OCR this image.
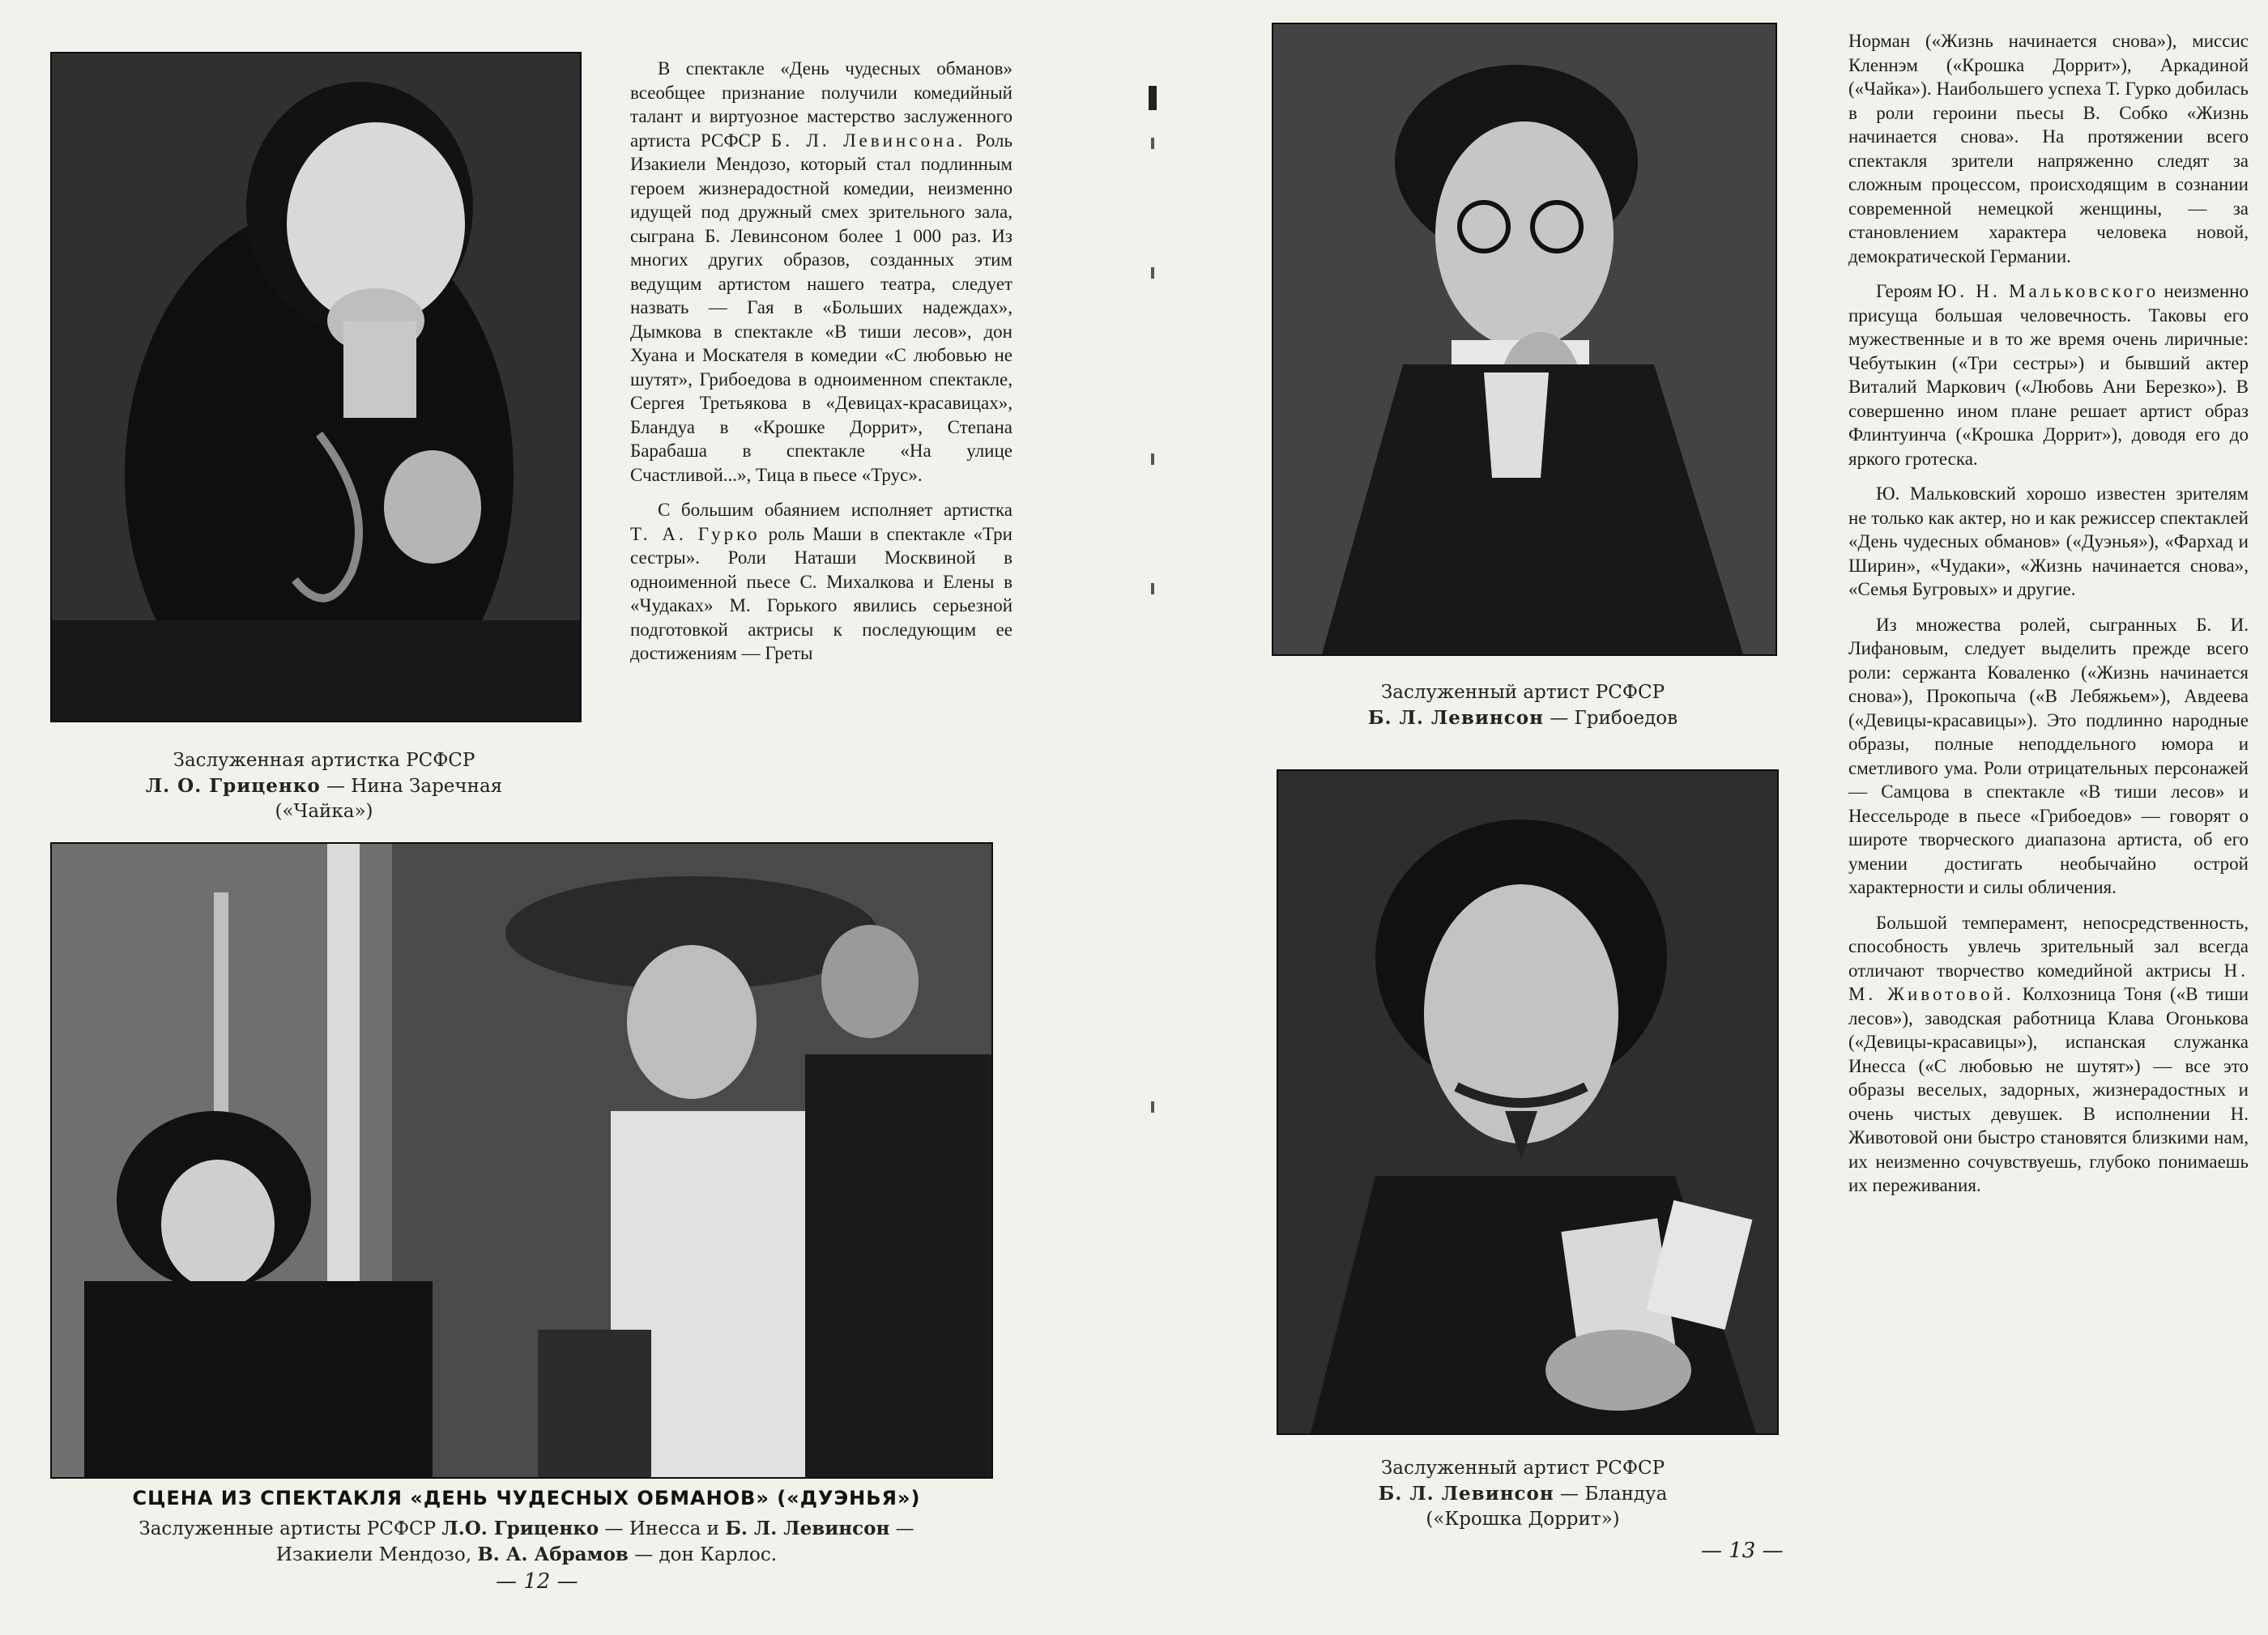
Заслуженная артистка РСФСР
Л. О. Гриценко — Нина Заречная
(«Чайка»)

В спектакле «День чудесных обманов» всеобщее признание получили комедийный талант и виртуозное мастерство заслуженного артиста РСФСР Б. Л. Левинсона. Роль Изакиели Мендозо, который стал подлинным героем жизнерадостной комедии, неизменно идущей под дружный смех зрительного зала, сыграна Б. Левинсоном более 1 000 раз. Из многих других образов, созданных этим ведущим артистом нашего театра, следует назвать — Гая в «Больших надеждах», Дымкова в спектакле «В тиши лесов», дон Хуана и Москателя в комедии «С любовью не шутят», Грибоедова в одноименном спектакле, Сергея Третьякова в «Девицах-красавицах», Бландуа в «Крошке Доррит», Степана Барабаша в спектакле «На улице Счастливой...», Тица в пьесе «Трус».

С большим обаянием исполняет артистка Т. А. Гурко роль Маши в спектакле «Три сестры». Роли Наташи Москвиной в одноименной пьесе С. Михалкова и Елены в «Чудаках» М. Горького явились серьезной подготовкой актрисы к последующим ее достижениям — Греты

СЦЕНА ИЗ СПЕКТАКЛЯ «ДЕНЬ ЧУДЕСНЫХ ОБМАНОВ» («ДУЭНЬЯ»)
Заслуженные артисты РСФСР Л.О. Гриценко — Инесса и Б. Л. Левинсон —
Изакиели Мендозо, В. А. Абрамов — дон Карлос.
— 12 —
Заслуженный артист РСФСР
Б. Л. Левинсон — Грибоедов
Заслуженный артист РСФСР
Б. Л. Левинсон — Бландуа
(«Крошка Доррит»)

Норман («Жизнь начинается снова»), миссис Кленнэм («Крошка Доррит»), Аркадиной («Чайка»). Наибольшего успеха Т. Гурко добилась в роли героини пьесы В. Собко «Жизнь начинается снова». На протяжении всего спектакля зрители напряженно следят за сложным процессом, происходящим в сознании современной немецкой женщины, — за становлением характера человека новой, демократической Германии.

Героям Ю. Н. Мальковского неизменно присуща большая человечность. Таковы его мужественные и в то же время очень лиричные: Чебутыкин («Три сестры») и бывший актер Виталий Маркович («Любовь Ани Березко»). В совершенно ином плане решает артист образ Флинтуинча («Крошка Доррит»), доводя его до яркого гротеска.

Ю. Мальковский хорошо известен зрителям не только как актер, но и как режиссер спектаклей «День чудесных обманов» («Дуэнья»), «Фархад и Ширин», «Чудаки», «Жизнь начинается снова», «Семья Бугровых» и другие.

Из множества ролей, сыгранных Б. И. Лифановым, следует выделить прежде всего роли: сержанта Коваленко («Жизнь начинается снова»), Прокопыча («В Лебяжьем»), Авдеева («Девицы-красавицы»). Это подлинно народные образы, полные неподдельного юмора и сметливого ума. Роли отрицательных персонажей — Самцова в спектакле «В тиши лесов» и Нессельроде в пьесе «Грибоедов» — говорят о широте творческого диапазона артиста, об его умении достигать необычайно острой характерности и силы обличения.

Большой темперамент, непосредственность, способность увлечь зрительный зал всегда отличают творчество комедийной актрисы Н. М. Животовой. Колхозница Тоня («В тиши лесов»), заводская работница Клава Огонькова («Девицы-красавицы»), испанская служанка Инесса («С любовью не шутят») — все это образы веселых, задорных, жизнерадостных и очень чистых девушек. В исполнении Н. Животовой они быстро становятся близкими нам, их неизменно сочувствуешь, глубоко понимаешь их переживания.

— 13 —
